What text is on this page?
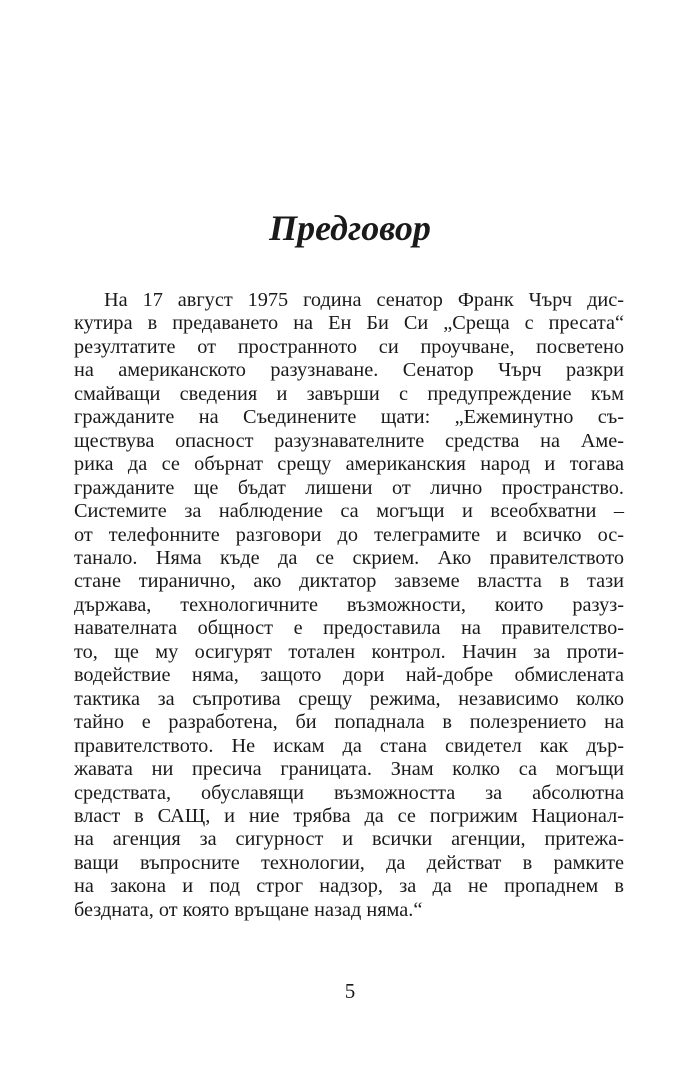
Предговор
На 17 август 1975 година сенатор Франк Чърч дис-
кутира в предаването на Ен Би Си „Среща с пресата“
резултатите от пространното си проучване, посветено
на американското разузнаване. Сенатор Чърч разкри
смайващи сведения и завърши с предупреждение към
гражданите на Съединените щати: „Ежеминутно съ-
ществува опасност разузнавателните средства на Аме-
рика да се обърнат срещу американския народ и тогава
гражданите ще бъдат лишени от лично пространство.
Системите за наблюдение са могъщи и всеобхватни –
от телефонните разговори до телеграмите и всичко ос-
танало. Няма къде да се скрием. Ако правителството
стане тиранично, ако диктатор завземе властта в тази
държава, технологичните възможности, които разуз-
навателната общност е предоставила на правителство-
то, ще му осигурят тотален контрол. Начин за проти-
водействие няма, защото дори най-добре обмислената
тактика за съпротива срещу режима, независимо колко
тайно е разработена, би попаднала в полезрението на
правителството. Не искам да стана свидетел как дър-
жавата ни пресича границата. Знам колко са могъщи
средствата, обуславящи възможността за абсолютна
власт в САЩ, и ние трябва да се погрижим Национал-
на агенция за сигурност и всички агенции, притежа-
ващи въпросните технологии, да действат в рамките
на закона и под строг надзор, за да не пропаднем в
бездната, от която връщане назад няма.“
5
